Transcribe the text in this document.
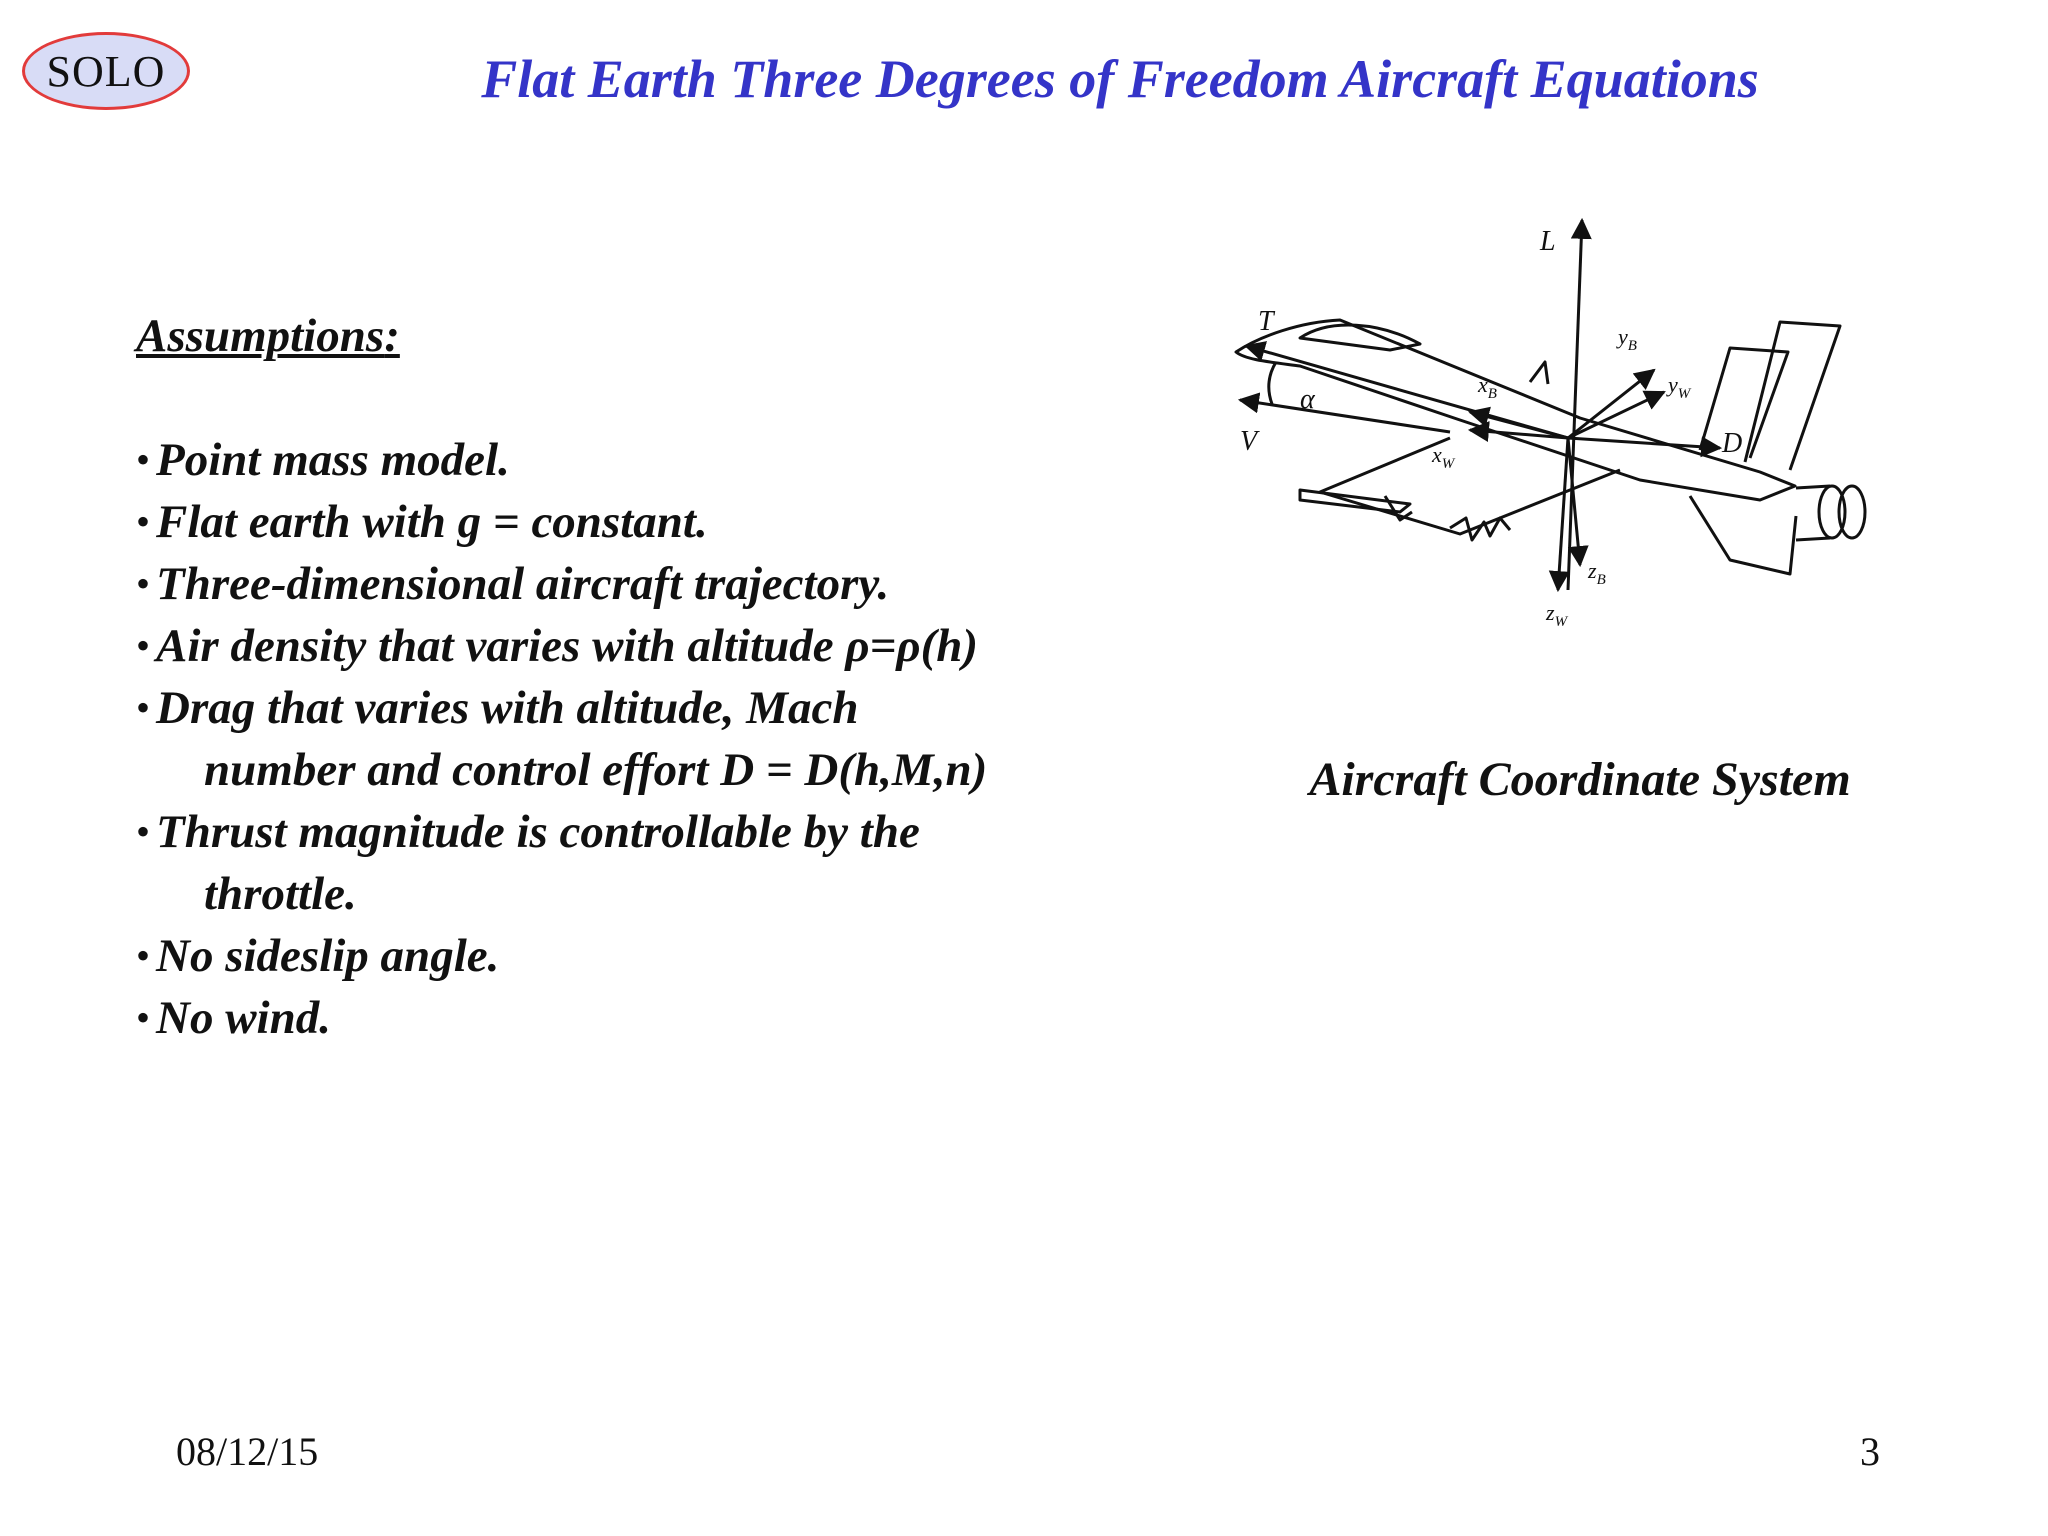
SOLO	Flat Earth Three Degrees of Freedom Aircraft Equations
Assumptions:
• Point mass model.
• Flat earth with g = constant.
• Three-dimensional aircraft trajectory.
• Air density that varies with altitude ρ=ρ(h)
• Drag that varies with altitude, Mach
number and control effort D = D(h,M,n)
• Thrust magnitude is controllable by the
throttle.
• No sideslip angle.
• No wind.
L
T
V
α
D
$x_B$
$x_W$
$y_B$
$y_W$
$z_B$
$z_W$

Aircraft Coordinate System

08/12/15	3
